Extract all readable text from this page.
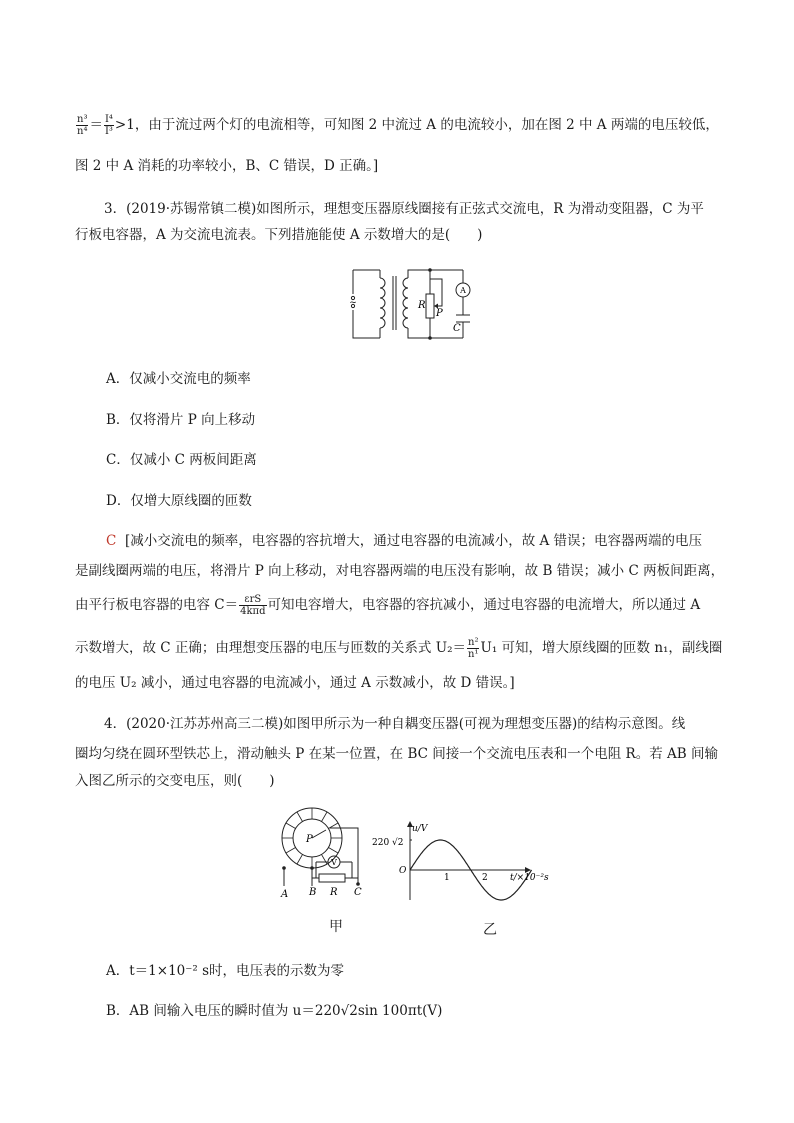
$\frac{\text{n³}}{\text{n⁴}} = \frac{\text{I⁴}}{\text{I³}} >1$，由于流过两个灯的电流相等，可知图 2 中流过 A 的电流较小，加在图 2 中 A 两端的电压较低，
图 2 中 A 消耗的功率较小，B、C 错误，D 正确。]
3．(2019·苏锡常镇二模)如图所示，理想变压器原线圈接有正弦式交流电，R 为滑动变阻器，C 为平
行板电容器，A 为交流电流表。下列措施能使 A 示数增大的是(　　)
~	R
P
A
C
A．仅减小交流电的频率
B．仅将滑片 P 向上移动
C．仅减小 C 两板间距离
D．仅增大原线圈的匝数
C [减小交流电的频率，电容器的容抗增大，通过电容器的电流减小，故 A 错误；电容器两端的电压
是副线圈两端的电压，将滑片 P 向上移动，对电容器两端的电压没有影响，故 B 错误；减小 C 两板间距离，
由平行板电容器的电容 $C= \frac{\text{εrS}}{\text{4kπd}}$ 可知电容增大，电容器的容抗减小，通过电容器的电流增大，所以通过 A
示数增大，故 C 正确；由理想变压器的电压与匝数的关系式 $U_2= \frac{\text{n²}}{\text{n¹}} U_1$ 可知，增大原线圈的匝数 n₁，副线圈
的电压 U₂ 减小，通过电容器的电流减小，通过 A 示数减小，故 D 错误。]
4．(2020·江苏苏州高三二模)如图甲所示为一种自耦变压器(可视为理想变压器)的结构示意图。线
圈均匀绕在圆环型铁芯上，滑动触头 P 在某一位置，在 BC 间接一个交流电压表和一个电阻 R。若 AB 间输
入图乙所示的交变电压，则(　　)
P
V
A B R C
u/V
220 √2
O
1	2 t/×10⁻²s
甲	乙
A．t＝1×10⁻² s时，电压表的示数为零
B．AB 间输入电压的瞬时值为 u＝220√2sin 100πt(V)
